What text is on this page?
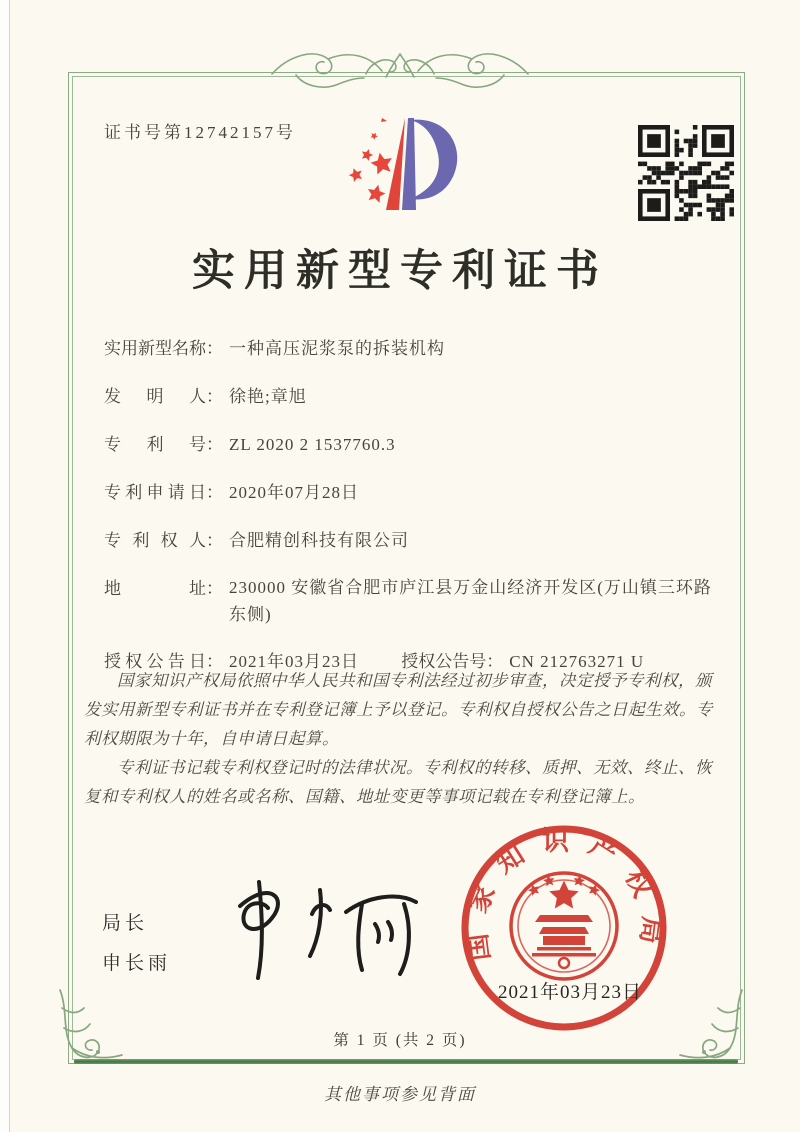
证书号第12742157号
实用新型专利证书
实用新型名称： 一种高压泥浆泵的拆装机构
发明人： 徐艳;章旭
专利号： ZL 2020 2 1537760.3
专利申请日： 2020年07月28日
专利权人： 合肥精创科技有限公司
地址： 230000 安徽省合肥市庐江县万金山经济开发区(万山镇三环路东侧)
授权公告日： 2021年03月23日 授权公告号： CN 212763271 U

国家知识产权局依照中华人民共和国专利法经过初步审查，决定授予专利权，颁发实用新型专利证书并在专利登记簿上予以登记。专利权自授权公告之日起生效。专利权期限为十年，自申请日起算。

专利证书记载专利权登记时的法律状况。专利权的转移、质押、无效、终止、恢复和专利权人的姓名或名称、国籍、地址变更等事项记载在专利登记簿上。

局长
申长雨
国家知识产权局
2021年03月23日
第 1 页 (共 2 页)
其他事项参见背面
